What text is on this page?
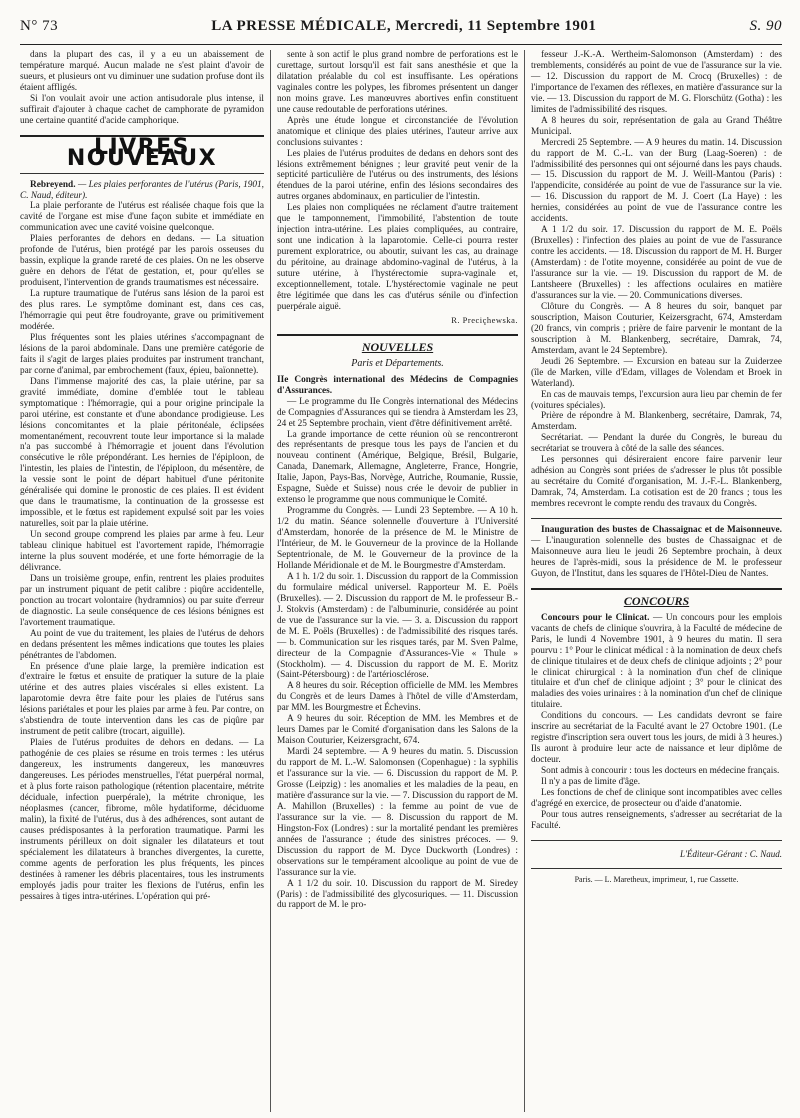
N° 73	LA PRESSE MÉDICALE, Mercredi, 11 Septembre 1901	S. 90

dans la plupart des cas, il y a eu un abaissement de température marqué. Aucun malade ne s'est plaint d'avoir de sueurs, et plusieurs ont vu diminuer une sudation profuse dont ils étaient affligés.

Si l'on voulait avoir une action antisudorale plus intense, il suffirait d'ajouter à chaque cachet de camphorate de pyramidon une certaine quantité d'acide camphorique.

LIVRES NOUVEAUX

Rebreyend. — Les plaies perforantes de l'utérus (Paris, 1901, C. Naud, éditeur).

La plaie perforante de l'utérus est réalisée chaque fois que la cavité de l'organe est mise d'une façon subite et immédiate en communication avec une cavité voisine quelconque.

Plaies perforantes de dehors en dedans. — La situation profonde de l'utérus, bien protégé par les parois osseuses du bassin, explique la grande rareté de ces plaies. On ne les observe guère en dehors de l'état de gestation, et, pour qu'elles se produisent, l'intervention de grands traumatismes est nécessaire.

La rupture traumatique de l'utérus sans lésion de la paroi est des plus rares. Le symptôme dominant est, dans ces cas, l'hémorragie qui peut être foudroyante, grave ou primitivement modérée.

Plus fréquentes sont les plaies utérines s'accompagnant de lésions de la paroi abdominale. Dans une première catégorie de faits il s'agit de larges plaies produites par instrument tranchant, par corne d'animal, par embrochement (faux, épieu, baïonnette).

Dans l'immense majorité des cas, la plaie utérine, par sa gravité immédiate, domine d'emblée tout le tableau symptomatique : l'hémorragie, qui a pour origine principale la paroi utérine, est constante et d'une abondance prodigieuse. Les lésions concomitantes et la plaie péritonéale, éclipsées momentanément, recouvrent toute leur importance si la malade n'a pas succombé à l'hémorragie et jouent dans l'évolution consécutive le rôle prépondérant. Les hernies de l'épiploon, de l'intestin, les plaies de l'intestin, de l'épiploon, du mésentère, de la vessie sont le point de départ habituel d'une péritonite généralisée qui domine le pronostic de ces plaies. Il est évident que dans le traumatisme, la continuation de la grossesse est impossible, et le fœtus est rapidement expulsé soit par les voies naturelles, soit par la plaie utérine.

Un second groupe comprend les plaies par arme à feu. Leur tableau clinique habituel est l'avortement rapide, l'hémorragie interne la plus souvent modérée, et une forte hémorragie de la délivrance.

Dans un troisième groupe, enfin, rentrent les plaies produites par un instrument piquant de petit calibre : piqûre accidentelle, ponction au trocart volontaire (hydramnios) ou par suite d'erreur de diagnostic. La seule conséquence de ces lésions bénignes est l'avortement traumatique.

Au point de vue du traitement, les plaies de l'utérus de dehors en dedans présentent les mêmes indications que toutes les plaies pénétrantes de l'abdomen.

En présence d'une plaie large, la première indication est d'extraire le fœtus et ensuite de pratiquer la suture de la plaie utérine et des autres plaies viscérales si elles existent. La laparotomie devra être faite pour les plaies de l'utérus sans lésions pariétales et pour les plaies par arme à feu. Par contre, on s'abstiendra de toute intervention dans les cas de piqûre par instrument de petit calibre (trocart, aiguille).

Plaies de l'utérus produites de dehors en dedans. — La pathogénie de ces plaies se résume en trois termes : les utérus dangereux, les instruments dangereux, les manœuvres dangereuses. Les périodes menstruelles, l'état puerpéral normal, et à plus forte raison pathologique (rétention placentaire, métrite déciduale, infection puerpérale), la métrite chronique, les néoplasmes (cancer, fibrome, môle hydatiforme, déciduome malin), la fixité de l'utérus, dus à des adhérences, sont autant de causes prédisposantes à la perforation traumatique. Parmi les instruments périlleux on doit signaler les dilatateurs et tout spécialement les dilatateurs à branches divergentes, la curette, comme agents de perforation les plus fréquents, les pinces destinées à ramener les débris placentaires, tous les instruments employés jadis pour traiter les flexions de l'utérus, enfin les pessaires à tiges intra-utérines. L'opération qui pré-

sente à son actif le plus grand nombre de perforations est le curettage, surtout lorsqu'il est fait sans anesthésie et que la dilatation préalable du col est insuffisante. Les opérations vaginales contre les polypes, les fibromes présentent un danger non moins grave. Les manœuvres abortives enfin constituent une cause redoutable de perforations utérines.

Après une étude longue et circonstanciée de l'évolution anatomique et clinique des plaies utérines, l'auteur arrive aux conclusions suivantes :

Les plaies de l'utérus produites de dedans en dehors sont des lésions extrêmement bénignes ; leur gravité peut venir de la septicité particulière de l'utérus ou des instruments, des lésions étendues de la paroi utérine, enfin des lésions secondaires des autres organes abdominaux, en particulier de l'intestin.

Les plaies non compliquées ne réclament d'autre traitement que le tamponnement, l'immobilité, l'abstention de toute injection intra-utérine. Les plaies compliquées, au contraire, sont une indication à la laparotomie. Celle-ci pourra rester purement exploratrice, ou aboutir, suivant les cas, au drainage du péritoine, au drainage abdomino-vaginal de l'utérus, à la suture utérine, à l'hystérectomie supra-vaginale et, exceptionnellement, totale. L'hystérectomie vaginale ne peut être légitimée que dans les cas d'utérus sénile ou d'infection puerpérale aiguë.

R. Preciçhewska.
NOUVELLES
Paris et Départements.

IIe Congrès international des Médecins de Compagnies d'Assurances.

— Le programme du IIe Congrès international des Médecins de Compagnies d'Assurances qui se tiendra à Amsterdam les 23, 24 et 25 Septembre prochain, vient d'être définitivement arrêté.

La grande importance de cette réunion où se rencontreront des représentants de presque tous les pays de l'ancien et du nouveau continent (Amérique, Belgique, Brésil, Bulgarie, Canada, Danemark, Allemagne, Angleterre, France, Hongrie, Italie, Japon, Pays-Bas, Norvège, Autriche, Roumanie, Russie, Espagne, Suède et Suisse) nous crée le devoir de publier in extenso le programme que nous communique le Comité.

Programme du Congrès. — Lundi 23 Septembre. — A 10 h. 1/2 du matin. Séance solennelle d'ouverture à l'Université d'Amsterdam, honorée de la présence de M. le Ministre de l'Intérieur, de M. le Gouverneur de la province de la Hollande Septentrionale, de M. le Gouverneur de la province de la Hollande Méridionale et de M. le Bourgmestre d'Amsterdam.

A 1 h. 1/2 du soir. 1. Discussion du rapport de la Commission du formulaire médical universel. Rapporteur M. E. Poëls (Bruxelles). — 2. Discussion du rapport de M. le professeur B.-J. Stokvis (Amsterdam) : de l'albuminurie, considérée au point de vue de l'assurance sur la vie. — 3. a. Discussion du rapport de M. E. Poëls (Bruxelles) : de l'admissibilité des risques tarés. — b. Communication sur les risques tarés, par M. Sven Palme, directeur de la Compagnie d'Assurances-Vie « Thule » (Stockholm). — 4. Discussion du rapport de M. E. Moritz (Saint-Pétersbourg) : de l'artériosclérose.

A 8 heures du soir. Réception officielle de MM. les Membres du Congrès et de leurs Dames à l'hôtel de ville d'Amsterdam, par MM. les Bourgmestre et Échevins.

A 9 heures du soir. Réception de MM. les Membres et de leurs Dames par le Comité d'organisation dans les Salons de la Maison Couturier, Keizersgracht, 674.

Mardi 24 septembre. — A 9 heures du matin. 5. Discussion du rapport de M. L.-W. Salomonsen (Copenhague) : la syphilis et l'assurance sur la vie. — 6. Discussion du rapport de M. P. Grosse (Leipzig) : les anomalies et les maladies de la peau, en matière d'assurance sur la vie. — 7. Discussion du rapport de M. A. Mahillon (Bruxelles) : la femme au point de vue de l'assurance sur la vie. — 8. Discussion du rapport de M. Hingston-Fox (Londres) : sur la mortalité pendant les premières années de l'assurance ; étude des sinistres précoces. — 9. Discussion du rapport de M. Dyce Duckworth (Londres) : observations sur le tempérament alcoolique au point de vue de l'assurance sur la vie.

A 1 1/2 du soir. 10. Discussion du rapport de M. Siredey (Paris) : de l'admissibilité des glycosuriques. — 11. Discussion du rapport de M. le pro-

fesseur J.-K.-A. Wertheim-Salomonson (Amsterdam) : des tremblements, considérés au point de vue de l'assurance sur la vie. — 12. Discussion du rapport de M. Crocq (Bruxelles) : de l'importance de l'examen des réflexes, en matière d'assurance sur la vie. — 13. Discussion du rapport de M. G. Florschütz (Gotha) : les limites de l'admissibilité des risques.

A 8 heures du soir, représentation de gala au Grand Théâtre Municipal.

Mercredi 25 Septembre. — A 9 heures du matin. 14. Discussion du rapport de M. C.-L. van der Burg (Laag-Soeren) : de l'admissibilité des personnes qui ont séjourné dans les pays chauds. — 15. Discussion du rapport de M. J. Weill-Mantou (Paris) : l'appendicite, considérée au point de vue de l'assurance sur la vie. — 16. Discussion du rapport de M. J. Coert (La Haye) : les hernies, considérées au point de vue de l'assurance contre les accidents.

A 1 1/2 du soir. 17. Discussion du rapport de M. E. Poëls (Bruxelles) : l'infection des plaies au point de vue de l'assurance contre les accidents. — 18. Discussion du rapport de M. H. Burger (Amsterdam) : de l'otite moyenne, considérée au point de vue de l'assurance sur la vie. — 19. Discussion du rapport de M. de Lantsheere (Bruxelles) : les affections oculaires en matière d'assurances sur la vie. — 20. Communications diverses.

Clôture du Congrès. — A 8 heures du soir, banquet par souscription, Maison Couturier, Keizersgracht, 674, Amsterdam (20 francs, vin compris ; prière de faire parvenir le montant de la souscription à M. Blankenberg, secrétaire, Damrak, 74, Amsterdam, avant le 24 Septembre).

Jeudi 26 Septembre. — Excursion en bateau sur la Zuiderzee (île de Marken, ville d'Edam, villages de Volendam et Broek in Waterland).

En cas de mauvais temps, l'excursion aura lieu par chemin de fer (voitures spéciales).

Prière de répondre à M. Blankenberg, secrétaire, Damrak, 74, Amsterdam.

Secrétariat. — Pendant la durée du Congrès, le bureau du secrétariat se trouvera à côté de la salle des séances.

Les personnes qui désireraient encore faire parvenir leur adhésion au Congrès sont priées de s'adresser le plus tôt possible au secrétaire du Comité d'organisation, M. J.-F.-L. Blankenberg, Damrak, 74, Amsterdam. La cotisation est de 20 francs ; tous les membres recevront le compte rendu des travaux du Congrès.

Inauguration des bustes de Chassaignac et de Maisonneuve. — L'inauguration solennelle des bustes de Chassaignac et de Maisonneuve aura lieu le jeudi 26 Septembre prochain, à deux heures de l'après-midi, sous la présidence de M. le professeur Guyon, de l'Institut, dans les squares de l'Hôtel-Dieu de Nantes.

CONCOURS

Concours pour le Clinicat. — Un concours pour les emplois vacants de chefs de clinique s'ouvrira, à la Faculté de médecine de Paris, le lundi 4 Novembre 1901, à 9 heures du matin. Il sera pourvu : 1° Pour le clinicat médical : à la nomination de deux chefs de clinique titulaires et de deux chefs de clinique adjoints ; 2° pour le clinicat chirurgical : à la nomination d'un chef de clinique titulaire et d'un chef de clinique adjoint ; 3° pour le clinicat des maladies des voies urinaires : à la nomination d'un chef de clinique titulaire.

Conditions du concours. — Les candidats devront se faire inscrire au secrétariat de la Faculté avant le 27 Octobre 1901. (Le registre d'inscription sera ouvert tous les jours, de midi à 3 heures.) Ils auront à produire leur acte de naissance et leur diplôme de docteur.

Sont admis à concourir : tous les docteurs en médecine français.

Il n'y a pas de limite d'âge.

Les fonctions de chef de clinique sont incompatibles avec celles d'agrégé en exercice, de prosecteur ou d'aide d'anatomie.

Pour tous autres renseignements, s'adresser au secrétariat de la Faculté.

L'Éditeur-Gérant : C. Naud.
Paris. — L. Maretheux, imprimeur, 1, rue Cassette.
